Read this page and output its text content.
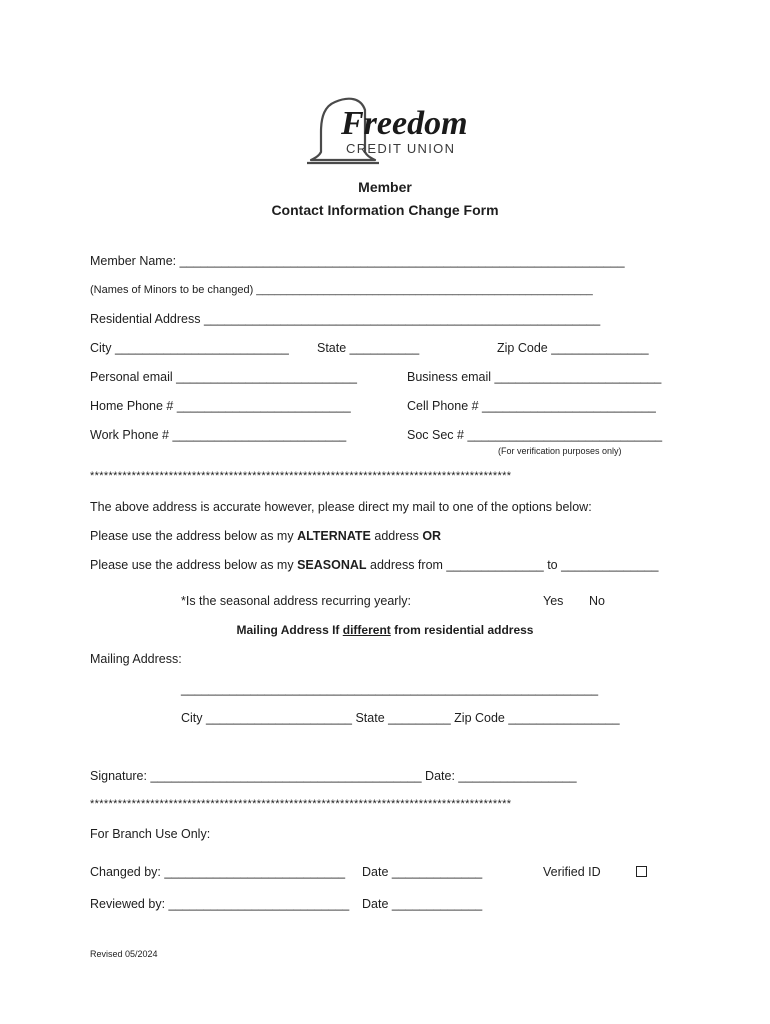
Freedom
CREDIT UNION
Member
Contact Information Change Form
Member Name: ________________________________________________________________
(Names of Minors to be changed) _______________________________________________________
Residential Address _________________________________________________________
City _________________________ State __________	Zip Code ______________
Personal email __________________________	Business email ________________________
Home Phone # _________________________	Cell Phone # _________________________
Work Phone # _________________________	Soc Sec # ____________________________
(For verification purposes only)
*******************************************************************************************
The above address is accurate however, please direct my mail to one of the options below:
Please use the address below as my ALTERNATE address OR
Please use the address below as my SEASONAL address from ______________ to ______________
*Is the seasonal address recurring yearly:	Yes No
Mailing Address If different from residential address
Mailing Address:
____________________________________________________________
City _____________________ State _________ Zip Code ________________
Signature: _______________________________________ Date: _________________
*******************************************************************************************
For Branch Use Only:
Changed by: __________________________ Date _____________	Verified ID
Reviewed by: __________________________ Date _____________
Revised 05/2024
